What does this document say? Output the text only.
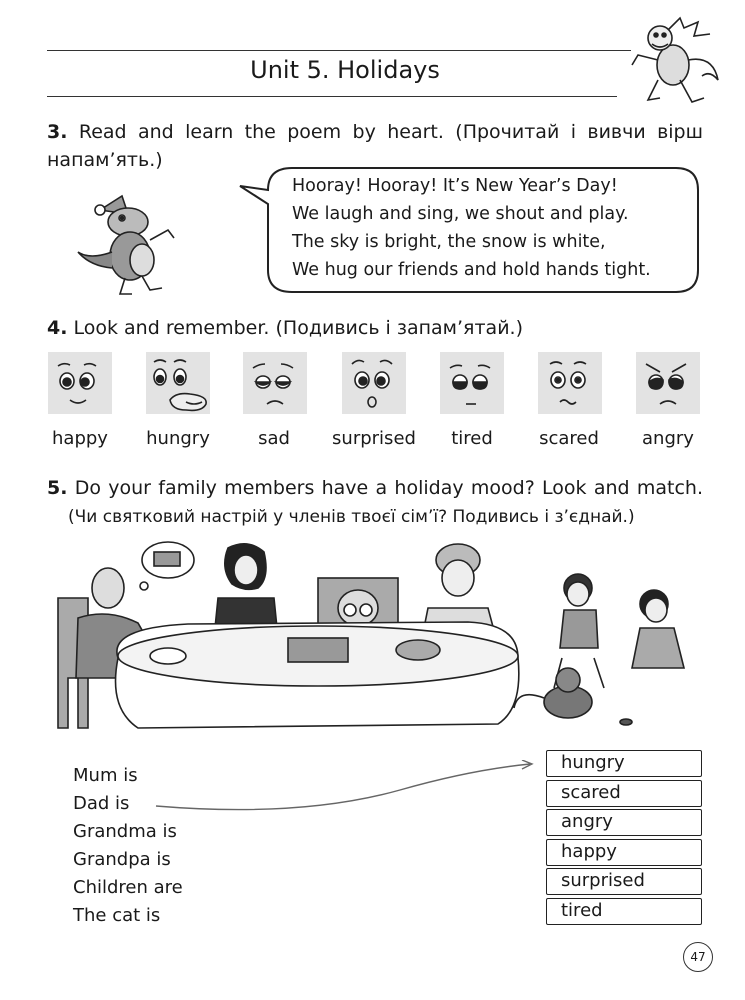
Unit 5. Holidays
3. Read and learn the poem by heart. (Прочитай і вивчи вірш
напам’ять.)
Hooray! Hooray! It’s New Year’s Day!
We laugh and sing, we shout and play.
The sky is bright, the snow is white,
We hug our friends and hold hands tight.
4. Look and remember. (Подивись і запам’ятай.)
happy	hungry	sad	surprised	tired	scared	angry
5. Do your family members have a holiday mood? Look and match.
(Чи святковий настрій у членів твоєї сім’ї? Подивись і з’єднай.)
Mum is
Dad is
Grandma is
Grandpa is
Children are
The cat is
hungry
scared
angry
happy
surprised
tired
47
